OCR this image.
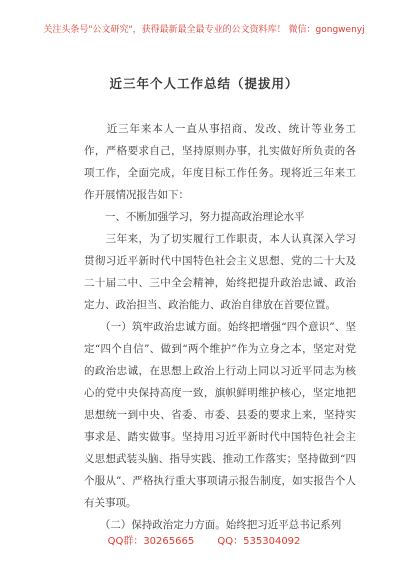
关注头条号"公文研究"，获得最新最全最专业的公文资料库！ 微信：gongwenyj
近三年个人工作总结（提拔用）

　　近三年来本人一直从事招商、发改、统计等业务工作，严格要求自己，坚持原则办事，扎实做好所负责的各项工作，全面完成，年度目标工作任务。现将近三年来工作开展情况报告如下：

　　一、不断加强学习，努力提高政治理论水平

　　三年来，为了切实履行工作职责，本人认真深入学习贯彻习近平新时代中国特色社会主义思想、党的二十大及二十届二中、三中全会精神，始终把提升政治忠诚、政治定力、政治担当、政治能力、政治自律放在首要位置。

　　（一）筑牢政治忠诚方面。始终把增强“四个意识”、坚定“四个自信”、做到“两个维护”作为立身之本，坚定对党的政治忠诚，在思想上政治上行动上同以习近平同志为核心的党中央保持高度一致，旗帜鲜明维护核心，坚定地把思想统一到中央、省委、市委、县委的要求上来，坚持实事求是、踏实做事。坚持用习近平新时代中国特色社会主义思想武装头脑、指导实践、推动工作落实；坚持做到“四个服从”、严格执行重大事项请示报告制度，如实报告个人有关事项。

　　（二）保持政治定力方面。始终把习近平总书记系列

QQ群：30265665 QQ：535304092
